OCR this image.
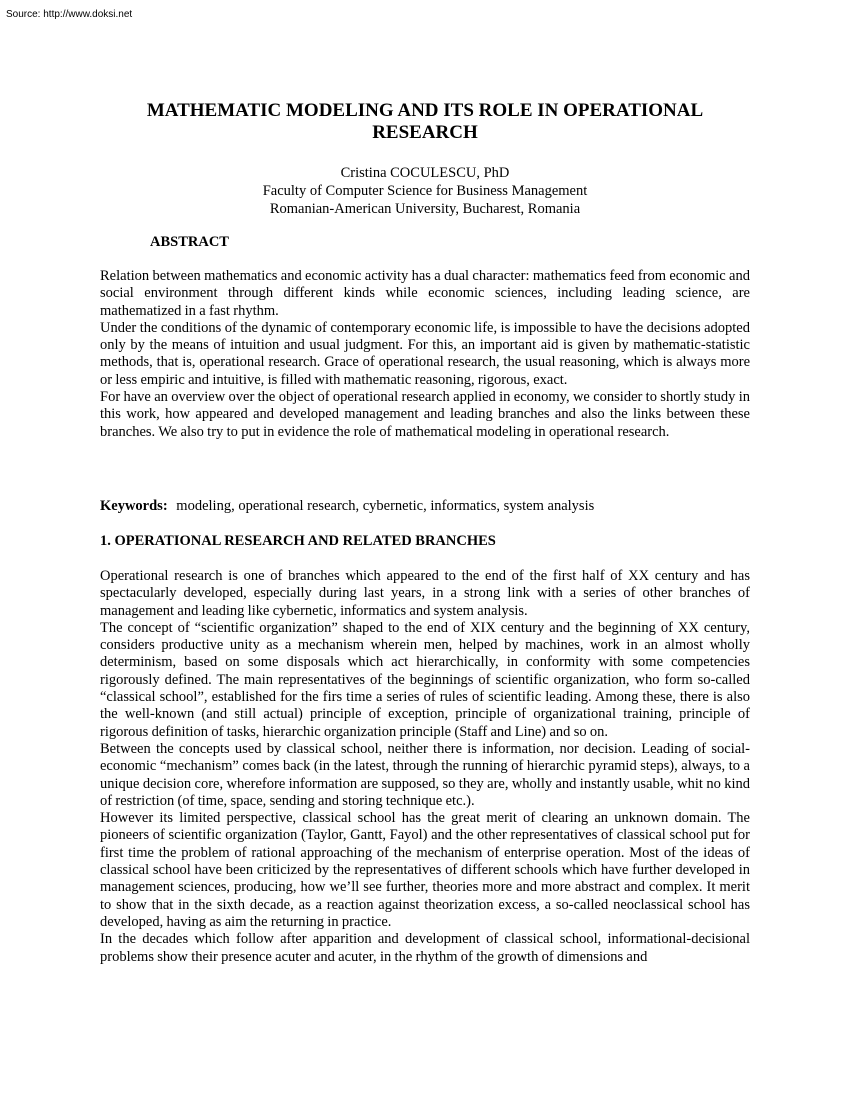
Source: http://www.doksi.net
MATHEMATIC MODELING AND ITS ROLE IN OPERATIONAL RESEARCH
Cristina COCULESCU, PhD
Faculty of Computer Science for Business Management
Romanian-American University, Bucharest, Romania
ABSTRACT

Relation between mathematics and economic activity has a dual character: mathematics feed from economic and social environment through different kinds while economic sciences, including leading science, are mathematized in a fast rhythm.

Under the conditions of the dynamic of contemporary economic life, is impossible to have the decisions adopted only by the means of intuition and usual judgment. For this, an important aid is given by mathematic-statistic methods, that is, operational research. Grace of operational research, the usual reasoning, which is always more or less empiric and intuitive, is filled with mathematic reasoning, rigorous, exact.

For have an overview over the object of operational research applied in economy, we consider to shortly study in this work, how appeared and developed management and leading branches and also the links between these branches. We also try to put in evidence the role of mathematical modeling in operational research.

Keywords: modeling, operational research, cybernetic, informatics, system analysis

1. OPERATIONAL RESEARCH AND RELATED BRANCHES

Operational research is one of branches which appeared to the end of the first half of XX century and has spectacularly developed, especially during last years, in a strong link with a series of other branches of management and leading like cybernetic, informatics and system analysis.

The concept of “scientific organization” shaped to the end of XIX century and the beginning of XX century, considers productive unity as a mechanism wherein men, helped by machines, work in an almost wholly determinism, based on some disposals which act hierarchically, in conformity with some competencies rigorously defined. The main representatives of the beginnings of scientific organization, who form so-called “classical school”, established for the firs time a series of rules of scientific leading. Among these, there is also the well-known (and still actual) principle of exception, principle of organizational training, principle of rigorous definition of tasks, hierarchic organization principle (Staff and Line) and so on.

Between the concepts used by classical school, neither there is information, nor decision. Leading of social-economic “mechanism” comes back (in the latest, through the running of hierarchic pyramid steps), always, to a unique decision core, wherefore information are supposed, so they are, wholly and instantly usable, whit no kind of restriction (of time, space, sending and storing technique etc.).

However its limited perspective, classical school has the great merit of clearing an unknown domain. The pioneers of scientific organization (Taylor, Gantt, Fayol) and the other representatives of classical school put for first time the problem of rational approaching of the mechanism of enterprise operation. Most of the ideas of classical school have been criticized by the representatives of different schools which have further developed in management sciences, producing, how we’ll see further, theories more and more abstract and complex. It merit to show that in the sixth decade, as a reaction against theorization excess, a so-called neoclassical school has developed, having as aim the returning in practice.

In the decades which follow after apparition and development of classical school, informational-decisional problems show their presence acuter and acuter, in the rhythm of the growth of dimensions and
